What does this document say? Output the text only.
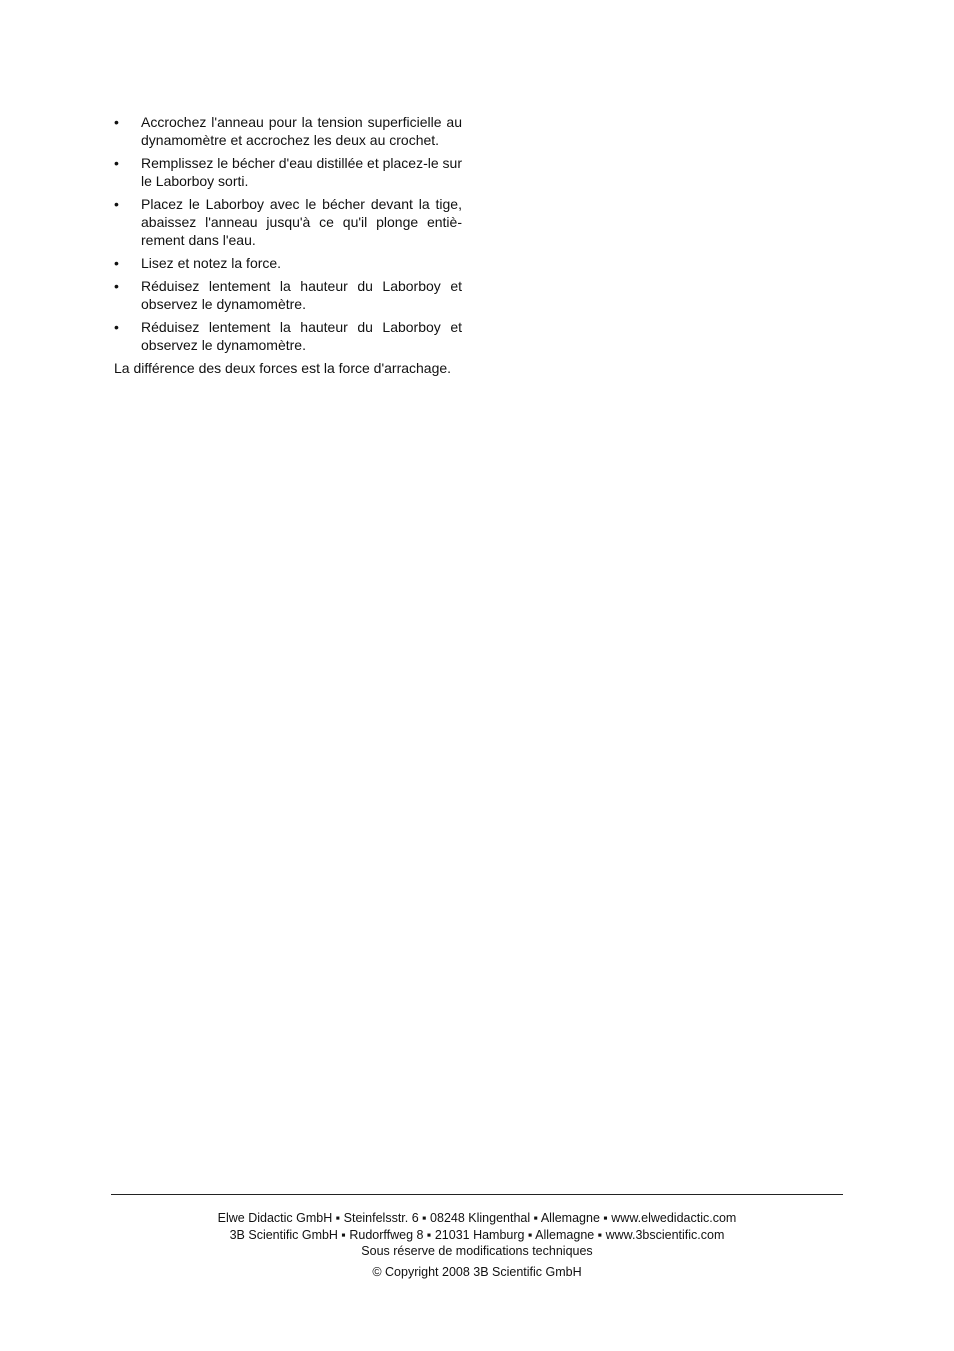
•	Accrochez l'anneau pour la tension superficielle au dynamomètre et accrochez les deux au crochet.
•	Remplissez le bécher d'eau distillée et placez-le sur le Laborboy sorti.
•	Placez le Laborboy avec le bécher devant la tige, abaissez l'anneau jusqu'à ce qu'il plonge entièrement dans l'eau.
•	Lisez et notez la force.
•	Réduisez lentement la hauteur du Laborboy et observez le dynamomètre.
•	Réduisez lentement la hauteur du Laborboy et observez le dynamomètre.

La différence des deux forces est la force d'arrachage.

Elwe Didactic GmbH ▪ Steinfelsstr. 6 ▪ 08248 Klingenthal ▪ Allemagne ▪ www.elwedidactic.com
3B Scientific GmbH ▪ Rudorffweg 8 ▪ 21031 Hamburg ▪ Allemagne ▪ www.3bscientific.com
Sous réserve de modifications techniques
© Copyright 2008 3B Scientific GmbH
